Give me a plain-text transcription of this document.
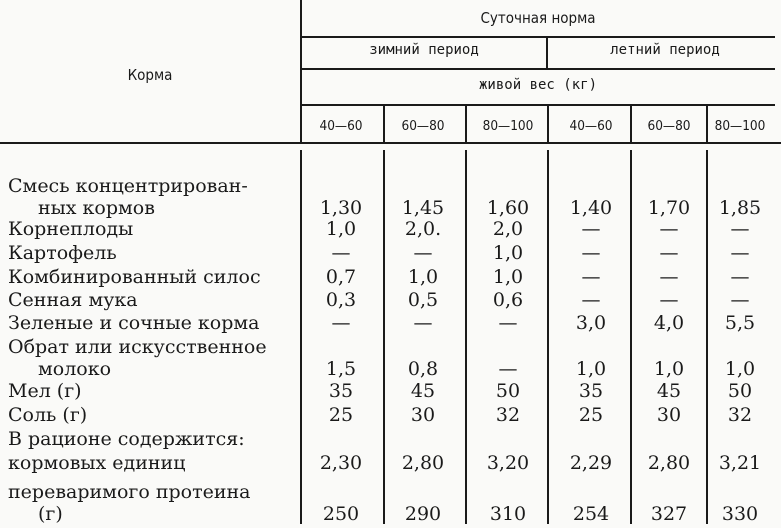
Корма
Суточная норма
зимний период	летний период
живой вес (кг)
40—60	60—80	80—100	40—60	60—80 80—100
Смесь концентрирован-
ных кормов	1,30 1,45 1,60 1,40 1,70 1,85
Корнеплоды	1,0	2,0.	2,0	—	—	—
Картофель	—	—	1,0	—	—	—
Комбинированный силос	0,7	1,0	1,0	—	—	—
Сенная мука	0,3	0,5	0,6	—	—	—
Зеленые и сочные корма	—	—	—	3,0	4,0 5,5
Обрат или искусственное
молоко	1,5	0,8	—	1,0	1,0 1,0
Мел (г)	35	45	50	35	45 50
Соль (г)	25	30	32	25	30 32
В рационе содержится:
кормовых единиц	2,30 2,80 3,20 2,29 2,80 3,21
переваримого протеина
(г)	250 290	310 254 327 330
